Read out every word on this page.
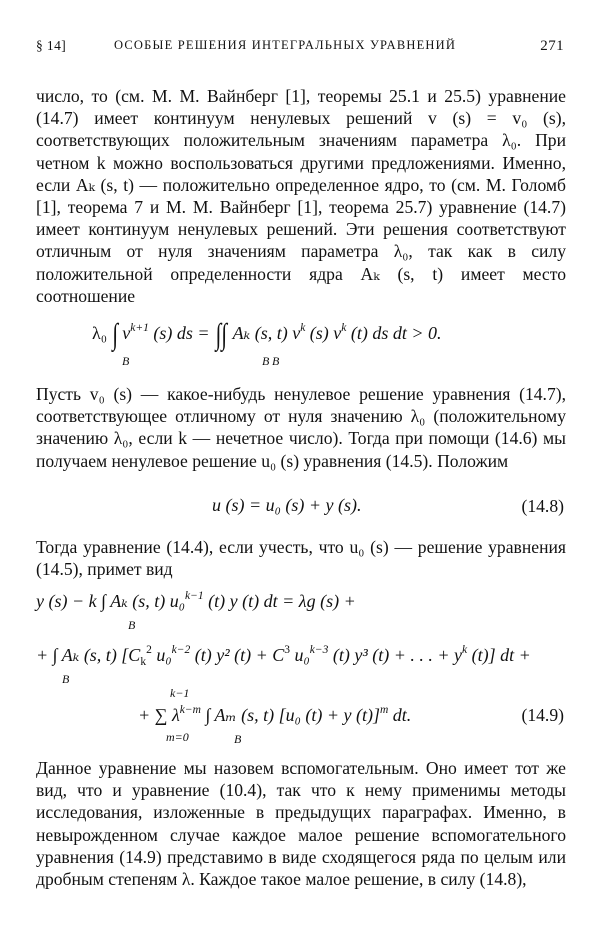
§ 14]	ОСОБЫЕ РЕШЕНИЯ ИНТЕГРАЛЬНЫХ УРАВНЕНИЙ	271
число, то (см. М. М. Вайнберг [1], теоремы 25.1 и 25.5) уравнение (14.7) имеет континуум ненулевых решений v (s) = v₀ (s), соответствующих положительным значениям параметра λ₀. При четном k можно воспользоваться другими предложениями. Именно, если Aₖ (s, t) — положительно определенное ядро, то (см. М. Голомб [1], теорема 7 и М. М. Вайнберг [1], теорема 25.7) уравнение (14.7) имеет континуум ненулевых решений. Эти решения соответствуют отличным от нуля значениям параметра λ₀, так как в силу положительной определенности ядра Aₖ (s, t) имеет место соотношение
λ₀ ∫ $v^{k+1}$ (s) ds = ∫∫ Aₖ (s, t) $v^k$ (s) $v^k$ (t) ds dt > 0.
B	B B
Пусть v₀ (s) — какое-нибудь ненулевое решение уравнения (14.7), соответствующее отличному от нуля значению λ₀ (положительному значению λ₀, если k — нечетное число). Тогда при помощи (14.6) мы получаем ненулевое решение u₀ (s) уравнения (14.5). Положим
u (s) = u₀ (s) + y (s).	(14.8)
Тогда уравнение (14.4), если учесть, что u₀ (s) — решение уравнения (14.5), примет вид
y (s) − k ∫ Aₖ (s, t) u₀$^{k-1}$ (t) y (t) dt = λg (s) +
B
+ ∫ Aₖ (s, t) [$C_k^2$ u₀$^{k-2}$ (t) y² $(t) + C^3$ u₀$^{k-3}$ (t) y³ (t) + . . . + $y^k$ (t)] dt +
B
k−1
+ ∑ $\lambda^{k-m}$ ∫ Aₘ (s, t) [u₀ (t) + y (t)]$^m$ dt.
m=0	B
(14.9)
Данное уравнение мы назовем вспомогательным. Оно имеет тот же вид, что и уравнение (10.4), так что к нему применимы методы исследования, изложенные в предыдущих параграфах. Именно, в невырожденном случае каждое малое решение вспомогательного уравнения (14.9) представимо в виде сходящегося ряда по целым или дробным степеням λ. Каждое такое малое решение, в силу (14.8),
